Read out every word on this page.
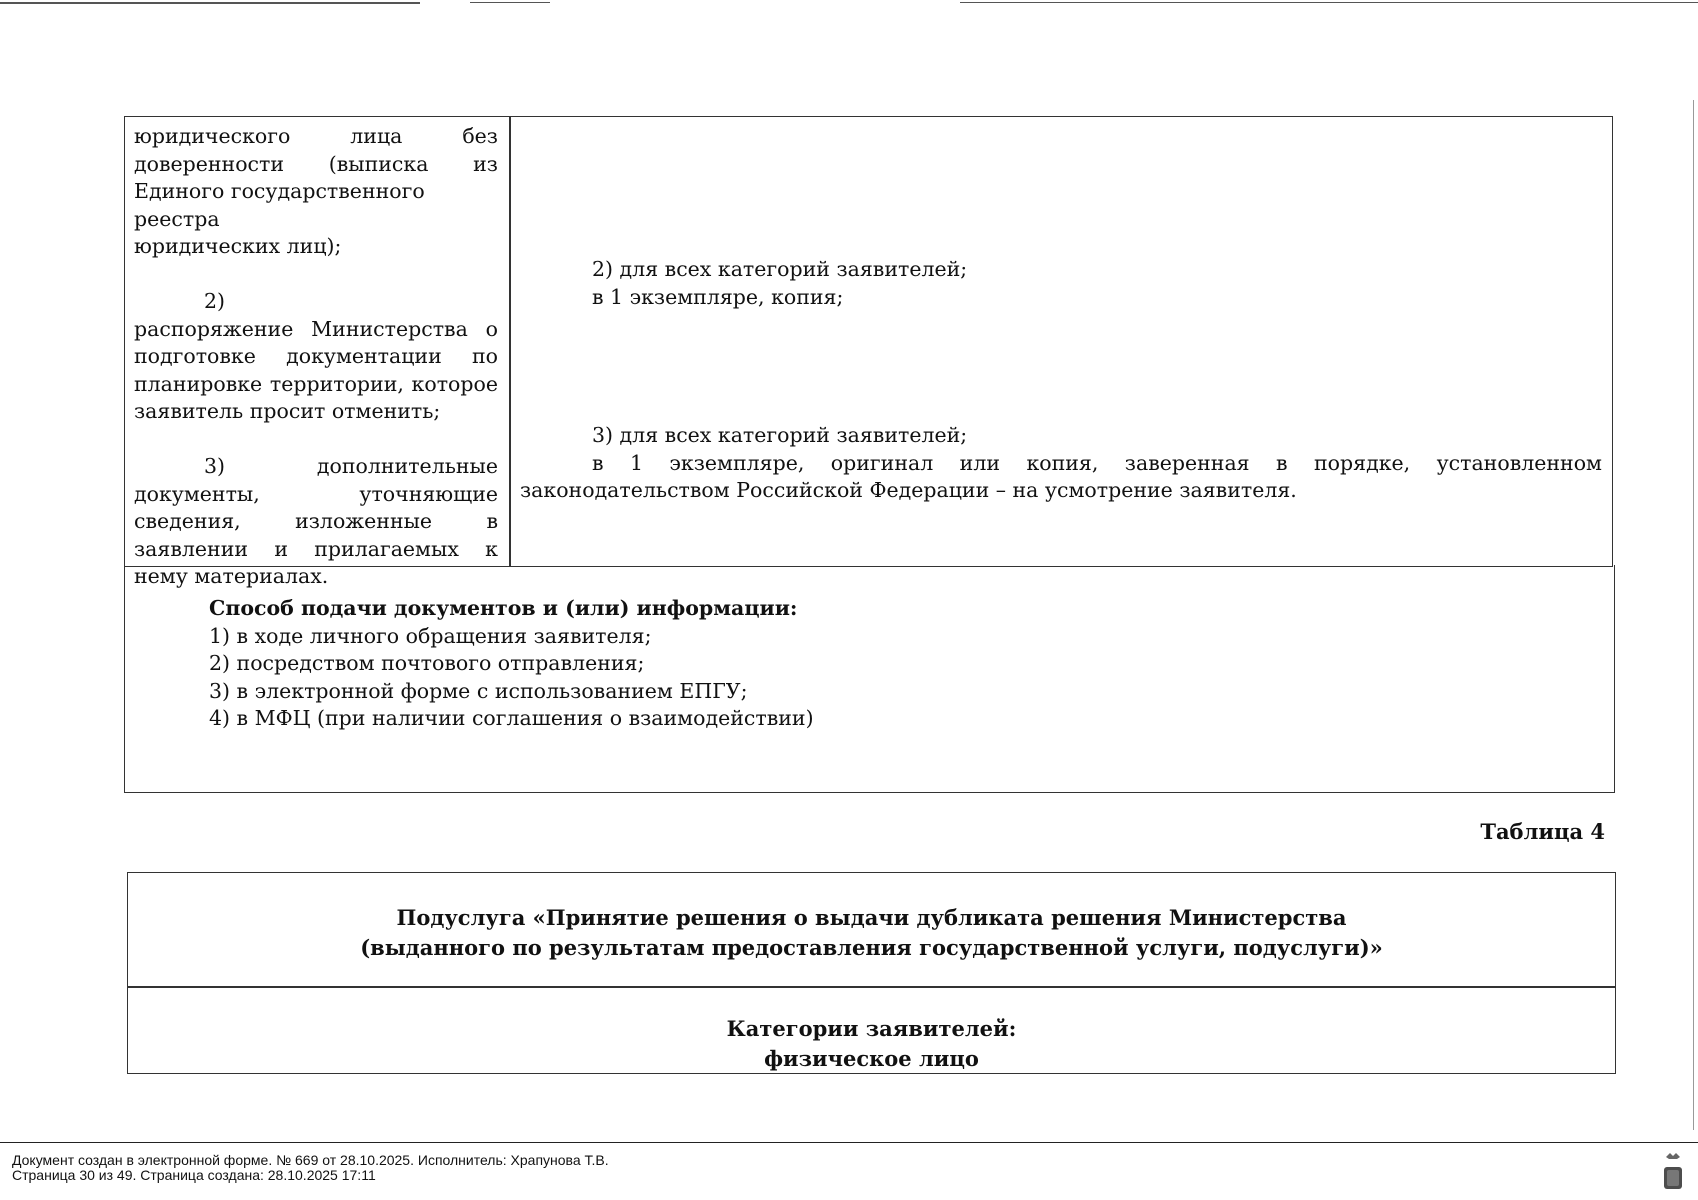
юридического	лица	без
доверенности (выписка из

Единого государственного реестра

юридических лиц);

2) распоряжение Министерства о подготовке документации по планировке территории, которое заявитель просит отменить;

3) дополнительные документы, уточняющие сведения, изложенные в заявлении и прилагаемых к нему материалах.

2) для всех категорий заявителей;

в 1 экземпляре, копия;

3) для всех категорий заявителей;

в 1 экземпляре, оригинал или копия, заверенная в порядке, установленном законодательством Российской Федерации – на усмотрение заявителя.

Способ подачи документов и (или) информации:

1) в ходе личного обращения заявителя;

2) посредством почтового отправления;

3) в электронной форме с использованием ЕПГУ;

4) в МФЦ (при наличии соглашения о взаимодействии)

Таблица 4
Подуслуга «Принятие решения о выдачи дубликата решения Министерства
(выданного по результатам предоставления государственной услуги, подуслуги)»
Категории заявителей:
физическое лицо
Документ создан в электронной форме. № 669 от 28.10.2025. Исполнитель: Храпунова Т.В.
Страница 30 из 49. Страница создана: 28.10.2025 17:11
